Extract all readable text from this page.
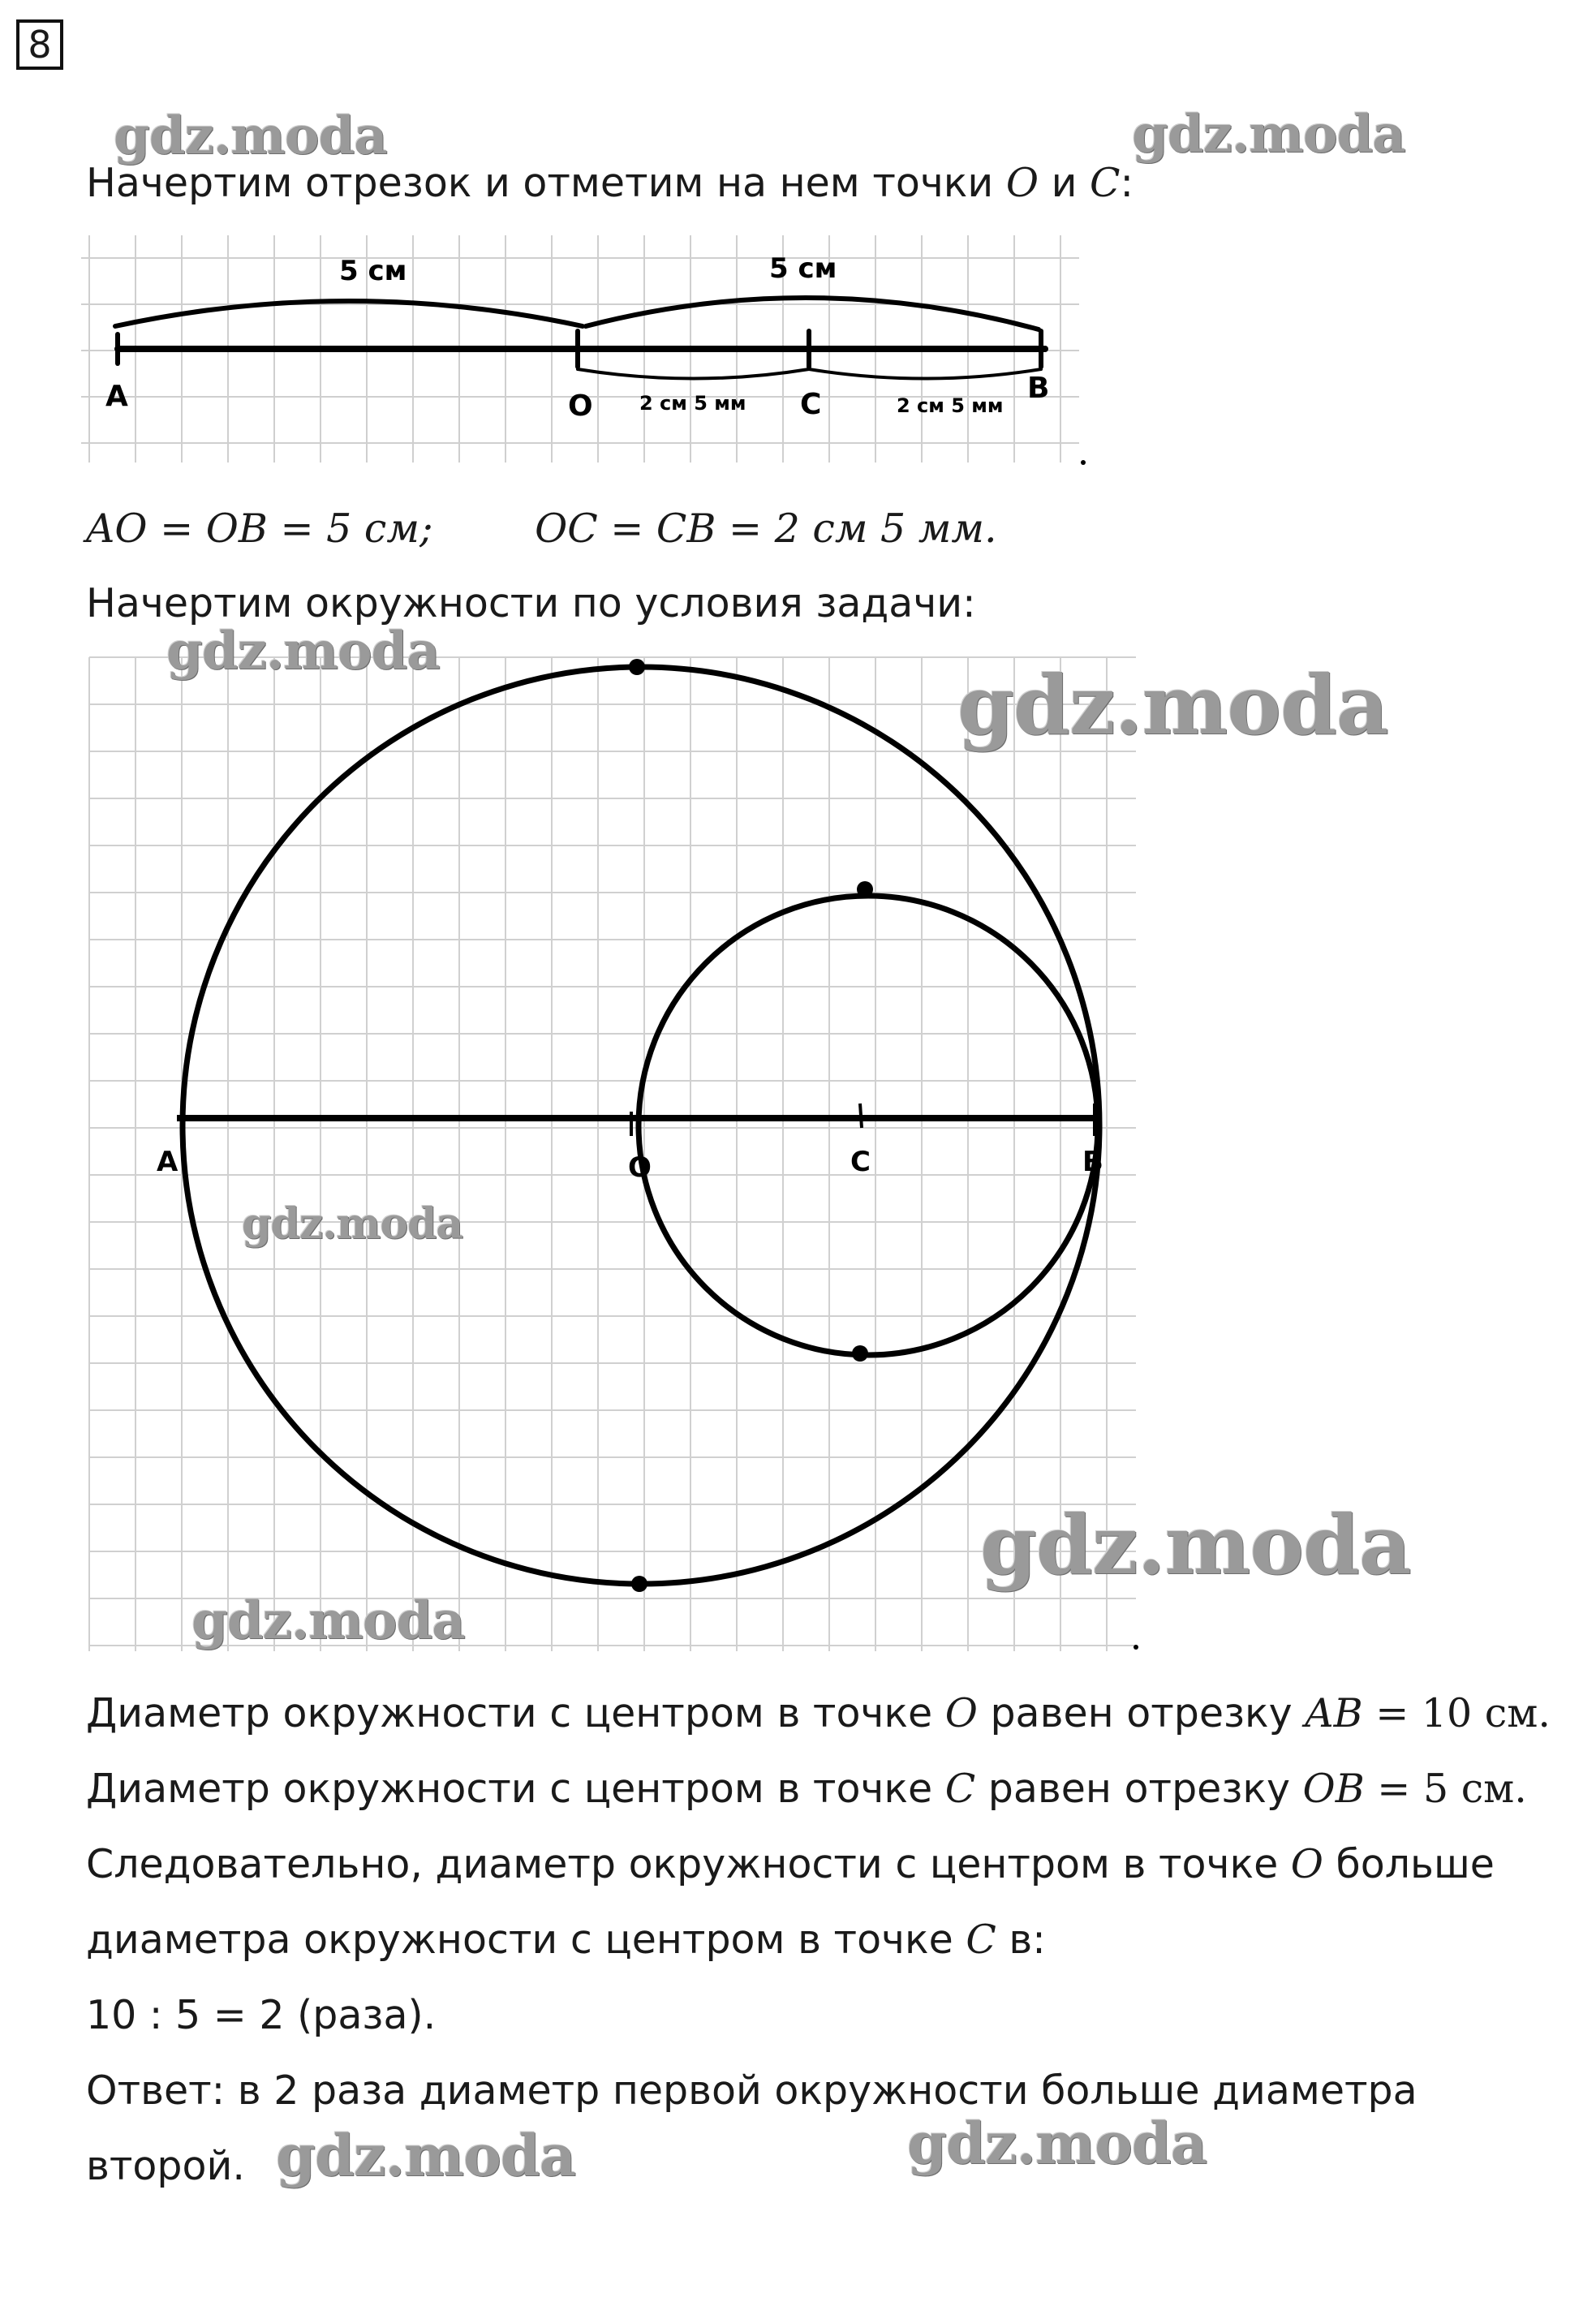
8
gdz.moda	gdz.moda
Начертим отрезок и отметим на нем точки O и C:
5 см	5 см
2 см 5 мм	2 см 5 мм
A	O	C	B
AO = OB = 5 см;	OC = CB = 2 см 5 мм.
Начертим окружности по условия задачи:
A	O	C	B
gdz.moda
gdz.moda
gdz.moda
gdz.moda
gdz.moda
Диаметр окружности с центром в точке O равен отрезку AB = 10 см.
Диаметр окружности с центром в точке C равен отрезку OB = 5 см.
Следовательно, диаметр окружности с центром в точке O больше
диаметра окружности с центром в точке C в:
10 : 5 = 2 (раза).
Ответ: в 2 раза диаметр первой окружности больше диаметра
второй. gdz.moda	gdz.moda
